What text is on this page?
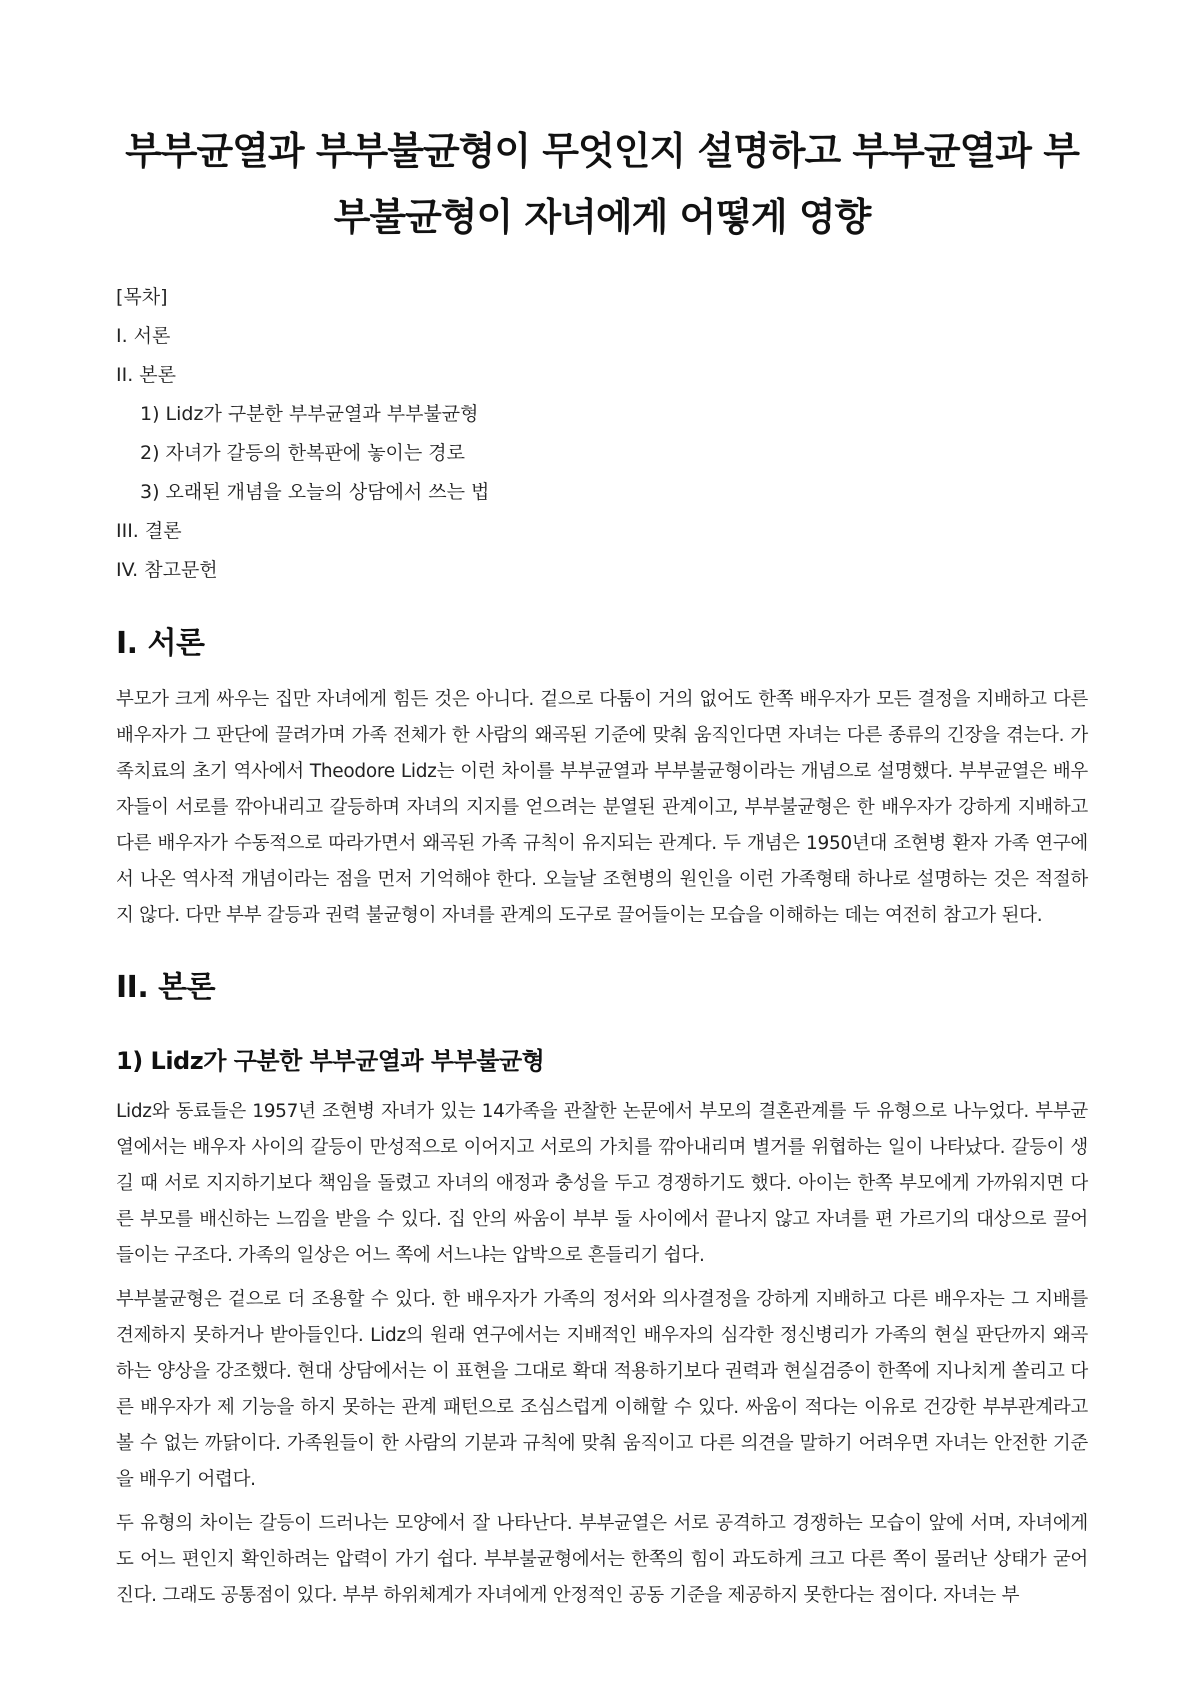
부부균열과 부부불균형이 무엇인지 설명하고 부부균열과 부부불균형이 자녀에게 어떻게 영향
[목차]
I. 서론
II. 본론
1) Lidz가 구분한 부부균열과 부부불균형
2) 자녀가 갈등의 한복판에 놓이는 경로
3) 오래된 개념을 오늘의 상담에서 쓰는 법
III. 결론
IV. 참고문헌
I. 서론

부모가 크게 싸우는 집만 자녀에게 힘든 것은 아니다. 겉으로 다툼이 거의 없어도 한쪽 배우자가 모든 결정을 지배하고 다른 배우자가 그 판단에 끌려가며 가족 전체가 한 사람의 왜곡된 기준에 맞춰 움직인다면 자녀는 다른 종류의 긴장을 겪는다. 가족치료의 초기 역사에서 Theodore Lidz는 이런 차이를 부부균열과 부부불균형이라는 개념으로 설명했다. 부부균열은 배우자들이 서로를 깎아내리고 갈등하며 자녀의 지지를 얻으려는 분열된 관계이고, 부부불균형은 한 배우자가 강하게 지배하고 다른 배우자가 수동적으로 따라가면서 왜곡된 가족 규칙이 유지되는 관계다. 두 개념은 1950년대 조현병 환자 가족 연구에서 나온 역사적 개념이라는 점을 먼저 기억해야 한다. 오늘날 조현병의 원인을 이런 가족형태 하나로 설명하는 것은 적절하지 않다. 다만 부부 갈등과 권력 불균형이 자녀를 관계의 도구로 끌어들이는 모습을 이해하는 데는 여전히 참고가 된다.

II. 본론
1) Lidz가 구분한 부부균열과 부부불균형

Lidz와 동료들은 1957년 조현병 자녀가 있는 14가족을 관찰한 논문에서 부모의 결혼관계를 두 유형으로 나누었다. 부부균열에서는 배우자 사이의 갈등이 만성적으로 이어지고 서로의 가치를 깎아내리며 별거를 위협하는 일이 나타났다. 갈등이 생길 때 서로 지지하기보다 책임을 돌렸고 자녀의 애정과 충성을 두고 경쟁하기도 했다. 아이는 한쪽 부모에게 가까워지면 다른 부모를 배신하는 느낌을 받을 수 있다. 집 안의 싸움이 부부 둘 사이에서 끝나지 않고 자녀를 편 가르기의 대상으로 끌어들이는 구조다. 가족의 일상은 어느 쪽에 서느냐는 압박으로 흔들리기 쉽다.

부부불균형은 겉으로 더 조용할 수 있다. 한 배우자가 가족의 정서와 의사결정을 강하게 지배하고 다른 배우자는 그 지배를 견제하지 못하거나 받아들인다. Lidz의 원래 연구에서는 지배적인 배우자의 심각한 정신병리가 가족의 현실 판단까지 왜곡하는 양상을 강조했다. 현대 상담에서는 이 표현을 그대로 확대 적용하기보다 권력과 현실검증이 한쪽에 지나치게 쏠리고 다른 배우자가 제 기능을 하지 못하는 관계 패턴으로 조심스럽게 이해할 수 있다. 싸움이 적다는 이유로 건강한 부부관계라고 볼 수 없는 까닭이다. 가족원들이 한 사람의 기분과 규칙에 맞춰 움직이고 다른 의견을 말하기 어려우면 자녀는 안전한 기준을 배우기 어렵다.

두 유형의 차이는 갈등이 드러나는 모양에서 잘 나타난다. 부부균열은 서로 공격하고 경쟁하는 모습이 앞에 서며, 자녀에게도 어느 편인지 확인하려는 압력이 가기 쉽다. 부부불균형에서는 한쪽의 힘이 과도하게 크고 다른 쪽이 물러난 상태가 굳어진다. 그래도 공통점이 있다. 부부 하위체계가 자녀에게 안정적인 공동 기준을 제공하지 못한다는 점이다. 자녀는 부
